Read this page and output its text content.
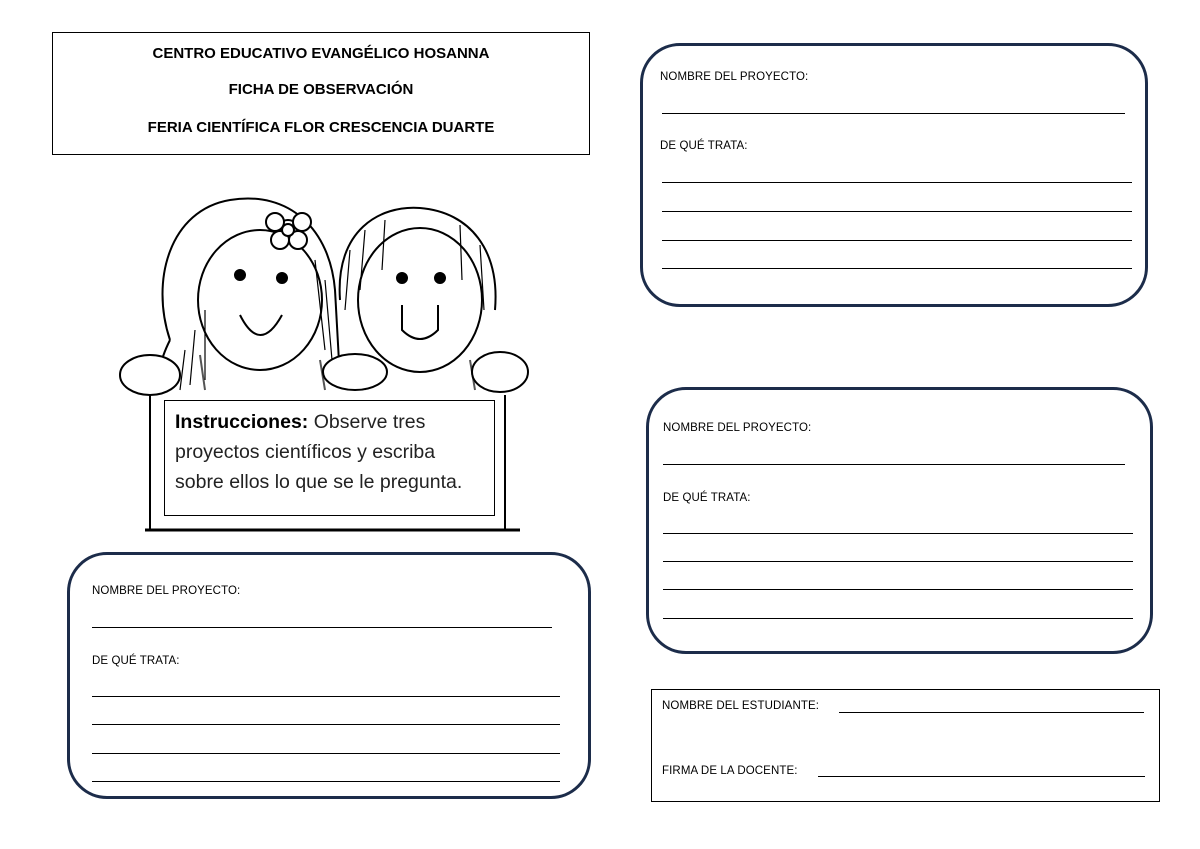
CENTRO EDUCATIVO EVANGÉLICO HOSANNA
FICHA DE OBSERVACIÓN
FERIA CIENTÍFICA FLOR CRESCENCIA DUARTE
Instrucciones: Observe tres
proyectos científicos y escriba
sobre ellos lo que se le pregunta.
NOMBRE DEL PROYECTO:
DE QUÉ TRATA:
NOMBRE DEL PROYECTO:
DE QUÉ TRATA:
NOMBRE DEL PROYECTO:
DE QUÉ TRATA:
NOMBRE DEL ESTUDIANTE:
FIRMA DE LA DOCENTE:
